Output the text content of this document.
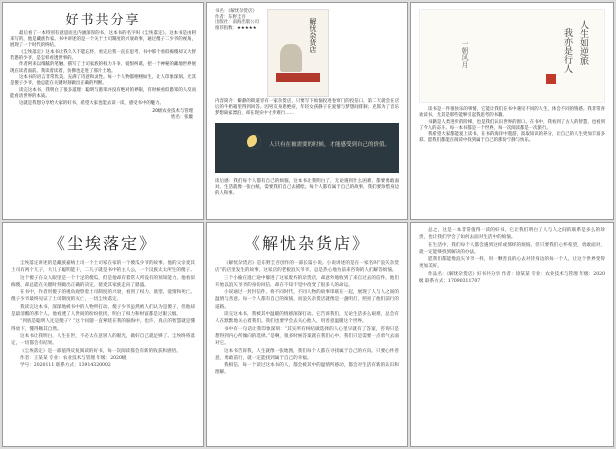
好书共分享

最后看了一本特别有意思而且内涵深厚的书，这本书的名字叫《尘埃落定》。这本书是由阿来写的，他是藏族作家。书中讲述的是一个关于土司制度的兴衰故事，通过傻子二少爷的视角，展现了一个时代的终结。

《尘埃落定》这本书让我久久不能忘怀，看完后我一直在思考，书中那个看似痴傻却又大智若愚的少爷，是怎样看透世事的。

作者阿来以细腻的笔触，描写了土司家族的权力斗争、爱恨纠葛，把一个神秘的藏地世界展现在读者面前。我读着读着，仿佛也走进了那片土地。

这本书的语言非常优美，充满了诗意和灵性。每一个人物都栩栩如生，让人印象深刻。尤其是傻子少爷，他总能在关键时刻做出正确的判断。

读完这本书，我明白了很多道理：聪明与愚笨并没有绝对的界限，有时候看似愚笨的人反而能看清世界的本质。

这就是我想分享给大家的好书，希望大家也能去读一读，感受书中的魅力。

20级农业技术与管理
姓名：张璇
书名：《解忧杂货店》
作者：东野圭吾
出版社：南海出版公司
推荐指数：★★★★★	解忧杂货店
内容简介：僻静的街道旁有一家杂货店，只要写下烦恼投进卷帘门的投信口，第二天就会在店后的牛奶箱里得到回答。因男友身患绝症，年轻女孩静子在爱情与梦想间徘徊；克郎为了音乐梦想离家漂泊，却在现实中寸步难行……
人只有在被需要的时候，才能感受到自己的价值。
读后感：我们每个人都有自己的烦恼，这本书让我明白了，无论遇到什么困难，都要勇敢面对。生活就像一张白纸，需要我们自己去描绘。每个人都有属于自己的故事，我们要珍惜身边的人和事。
人生如逆旅
我亦是行人
一朝风月

读书是一件很快乐的事情，它能让我们在书中遇见不同的人生，体会不同的情感。我非常喜欢读书，尤其是那些能够引起我思考的书籍。

书籍是人类进步的阶梯，也是我们认识世界的窗口。在书中，我看到了古人的智慧，也看到了今人的奋斗。每一本书都是一个世界，每一次阅读都是一次旅行。

我希望大家都能爱上读书，在书的海洋中遨游，汲取知识的养分，让自己的人生更加丰富多彩。愿我们都能在阅读中找到属于自己的那份宁静与快乐。

《尘埃落定》

尘埃落定讲述的是藏族嘉绒土司一个土司家在家的一个傻瓜少爷的故事。他的父亲麦其土司有两个儿子，大儿子聪明能干，二儿子就是书中的主人公，一个汉族太太所生的傻子。

这个傻子在众人眼里是一个十足的傻瓜，但是他却有着常人所没有的预知能力。他看似痴傻，却总能在关键时刻做出正确的决定，使麦其家族走向了鼎盛。

在书中，作者用傻子的视角观察着土司制度的兴衰，看到了权力、欲望、爱情和死亡。傻子少爷最终见证了土司制度的灭亡，一切尘埃落定。

我读完这本书，深深地被书中的人物所打动。傻子少爷虽然被人们认为是傻子，但他却是最清醒的那个人。他看透了人世间的纷纷扰扰，明白了权力和财富都是过眼云烟。

“到底是聪明人还是傻子？”这个问题一直萦绕在我的脑海中。也许，真正的智慧就是懂得放下，懂得顺其自然。

这本书让我明白，人生在世，不必太在意别人的眼光，做好自己就足够了。尘埃终将落定，一切都会有结果。

《尘埃落定》是一部值得反复阅读的好书，每一次阅读都会有新的收获和感悟。

作者：王某某 专业：农业技术与管理 年级：2020级

学号：2020111 联系方式：13914320002

《解忧杂货店》

《解忧杂货店》是东野圭吾创作的一部长篇小说。小说讲述的是在一家名叫“浪矢杂货店”的店里发生的故事。这家店的老板浪矢爷爷，总是热心地为前来咨询的人们解答烦恼。

三个小偷在逃亡途中躲进了这家废弃的杂货店，却意外地收到了来自过去的信件。他们开始以浪矢爷爷的身份回信，却在不知不觉中改变了很多人的命运。

小说通过一封封信件，将不同时代、不同人物的故事串联在一起，展现了人与人之间的温情与善意。每一个人都有自己的烦恼，而浪矢杂货店就像是一盏明灯，照亮了他们前行的道路。

读完这本书，我被其中温暖的情感深深打动。它告诉我们，无论生活多么艰难，总会有人在默默地关心着我们。我们也要学会去关心他人，用善意温暖这个世界。

书中有一句话让我印象深刻：“其实所有纠结做选择的人心里早就有了答案，咨询只是想得到内心所倾向的选择。”是啊，很多时候答案就在我们心中，我们只是需要一点勇气去面对它。

这本书告诉我，人生就像一张地图，我们每个人都在寻找属于自己的方向。只要心怀善意，勇敢前行，就一定能找到属于自己的幸福。

我相信，每一个读过这本书的人，都会被其中的温情所感动，都会对生活有新的认识和理解。

总之，这是一本非常值得一读的好书。它让我们明白了人与人之间的联系是多么的珍贵，也让我们学会了如何去面对生活中的烦恼。

在生活中，我们每个人都会遇到这样或那样的烦恼，但只要我们心怀希望，勇敢面对，就一定能够找到解决的办法。

愿我们都能像浪矢爷爷一样，用一颗善良的心去对待身边的每一个人，让这个世界变得更加美好。

作品名：《解忧杂货店》好书共分享 作者：徐某某 专业：农业技术与管理 年级：2020级 联系方式：17090311707
